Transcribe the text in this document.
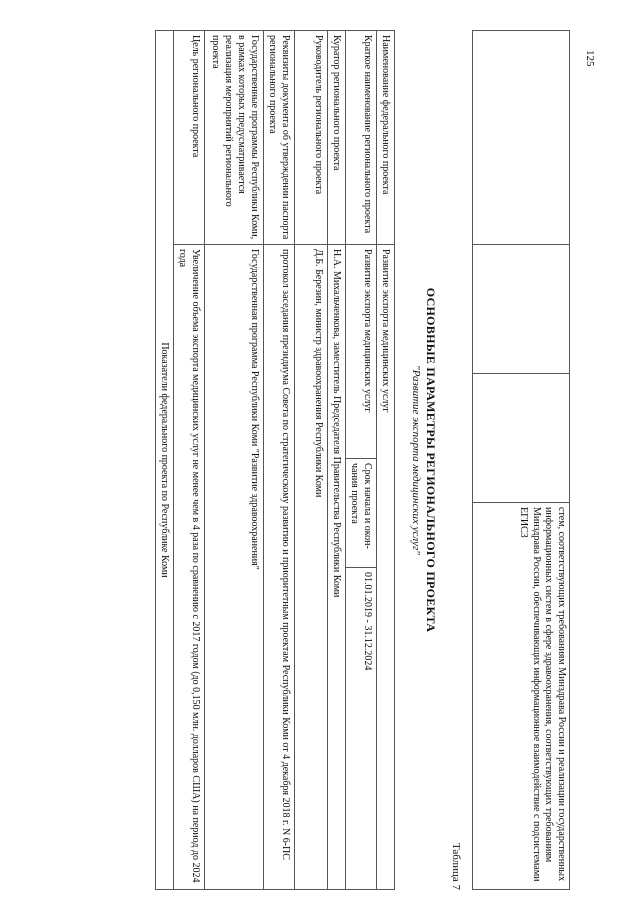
125
			стем, соответствующих требованиям Минздрава России и реализации государственных информационных систем в сфере здравоохранения, соответствующих требованиям Минздрава России, обеспечивающих информационное взаимодействие с подсистемами ЕГИСЗ
Таблица 7
ОСНОВНЫЕ ПАРАМЕТРЫ РЕГИОНАЛЬНОГО ПРОЕКТА
"Развитие экспорта медицинских услуг"
Наименование федерального проекта	Развитие экспорта медицинских услуг		
Краткое наименование регионального проекта	Развитие экспорта медицинских услуг	Срок начала и окон-чания проекта	01.01.2019 - 31.12.2024
Куратор регионального проекта	Н.А. Михальченкова, заместитель Председателя Правительства Республики Коми		
Руководитель регионального проекта	Д.Б. Березин, министр здравоохранения Республики Коми		
Реквизиты документа об утверждении паспорта регионального проекта	протокол заседания президиума Совета по стратегическому развитию и приоритетным проектам Республики Коми от 4 декабря 2018 г. N 6-ПС		
Государственные программы Республики Коми, в рамках которых предусматривается реализация мероприятий регионального проекта	Государственная программа Республики Коми "Развитие здравоохранения"		
Цель регионального проекта	Увеличение объема экспорта медицинских услуг не менее чем в 4 раза по сравнению с 2017 годом (до 0,150 млн. долларов США) на период до 2024 года		
Показатели федерального проекта по Республике Коми			
